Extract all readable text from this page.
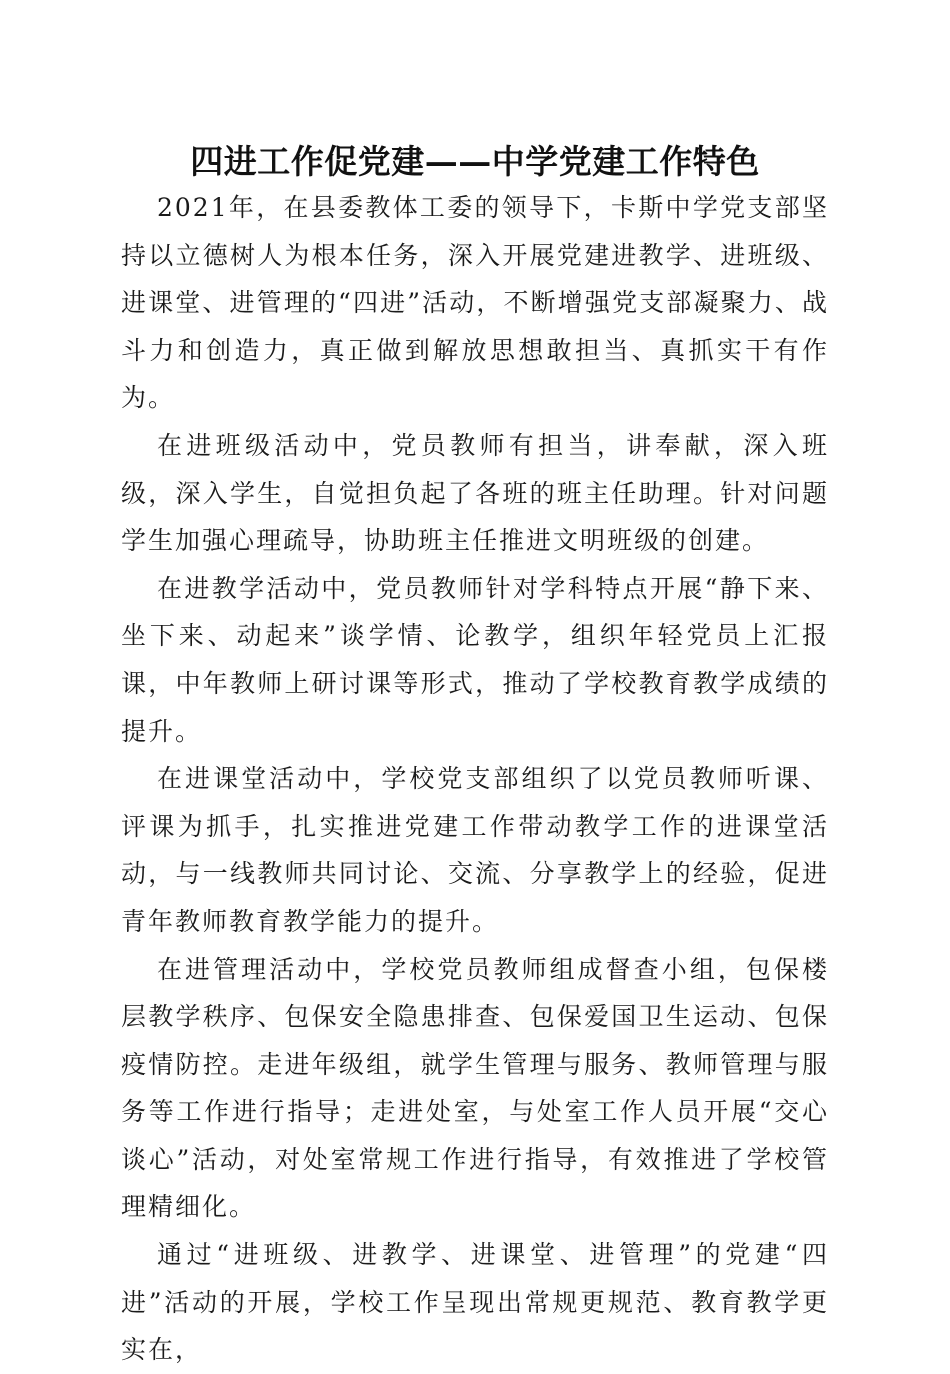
四进工作促党建——中学党建工作特色

2021年，在县委教体工委的领导下，卡斯中学党支部坚持以立德树人为根本任务，深入开展党建进教学、进班级、进课堂、进管理的“四进”活动，不断增强党支部凝聚力、战斗力和创造力，真正做到解放思想敢担当、真抓实干有作为。

在进班级活动中，党员教师有担当，讲奉献，深入班级，深入学生，自觉担负起了各班的班主任助理。针对问题学生加强心理疏导，协助班主任推进文明班级的创建。

在进教学活动中，党员教师针对学科特点开展“静下来、坐下来、动起来”谈学情、论教学，组织年轻党员上汇报课，中年教师上研讨课等形式，推动了学校教育教学成绩的提升。

在进课堂活动中，学校党支部组织了以党员教师听课、评课为抓手，扎实推进党建工作带动教学工作的进课堂活动，与一线教师共同讨论、交流、分享教学上的经验，促进青年教师教育教学能力的提升。

在进管理活动中，学校党员教师组成督查小组，包保楼层教学秩序、包保安全隐患排查、包保爱国卫生运动、包保疫情防控。走进年级组，就学生管理与服务、教师管理与服务等工作进行指导；走进处室，与处室工作人员开展“交心谈心”活动，对处室常规工作进行指导，有效推进了学校管理精细化。

通过“进班级、进教学、进课堂、进管理”的党建“四进”活动的开展，学校工作呈现出常规更规范、教育教学更实在，
